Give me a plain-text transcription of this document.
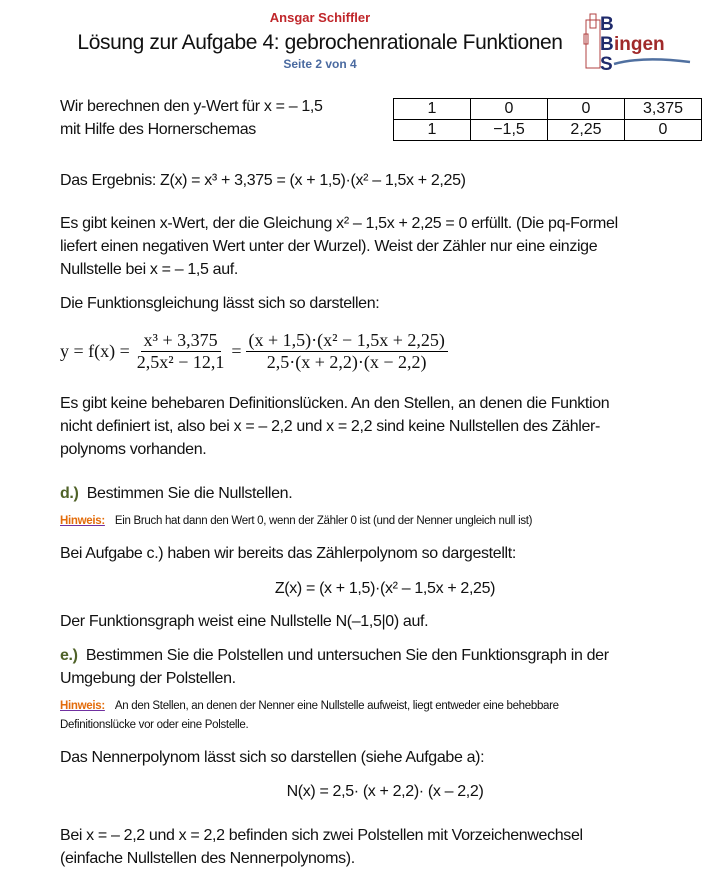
Ansgar Schiffler
Lösung zur Aufgabe 4: gebrochenrationale Funktionen
Seite 2 von 4
B
B ingen
S
Wir berechnen den y-Wert für x = – 1,5
mit Hilfe des Hornerschemas
1	0	0	3,375
1	−1,5	2,25	0
Das Ergebnis: Z(x) = x³ + 3,375 = (x + 1,5)·(x² – 1,5x + 2,25)
Es gibt keinen x-Wert, der die Gleichung x² – 1,5x + 2,25 = 0 erfüllt. (Die pq-Formel
liefert einen negativen Wert unter der Wurzel). Weist der Zähler nur eine einzige
Nullstelle bei x = – 1,5 auf.
Die Funktionsgleichung lässt sich so darstellen:
$y = f(x) = \frac{\text{x³ + 3,375}}{\text{2,5x² − 12,1}} = \frac{\text{(x + 1,5)·(x² − 1,5x + 2,25)}}{2,5\cdot(x + 2,2)\cdot(x - 2,2)}$
Es gibt keine behebaren Definitionslücken. An den Stellen, an denen die Funktion
nicht definiert ist, also bei x = – 2,2 und x = 2,2 sind keine Nullstellen des Zähler-
polynoms vorhanden.
d.) Bestimmen Sie die Nullstellen.
Hinweis: Ein Bruch hat dann den Wert 0, wenn der Zähler 0 ist (und der Nenner ungleich null ist)
Bei Aufgabe c.) haben wir bereits das Zählerpolynom so dargestellt:
Z(x) = (x + 1,5)·(x² – 1,5x + 2,25)
Der Funktionsgraph weist eine Nullstelle N(–1,5|0) auf.
e.) Bestimmen Sie die Polstellen und untersuchen Sie den Funktionsgraph in der
Umgebung der Polstellen.
Hinweis: An den Stellen, an denen der Nenner eine Nullstelle aufweist, liegt entweder eine behebbare
Definitionslücke vor oder eine Polstelle.
Das Nennerpolynom lässt sich so darstellen (siehe Aufgabe a):
N(x) = 2,5· (x + 2,2)· (x – 2,2)
Bei x = – 2,2 und x = 2,2 befinden sich zwei Polstellen mit Vorzeichenwechsel
(einfache Nullstellen des Nennerpolynoms).
